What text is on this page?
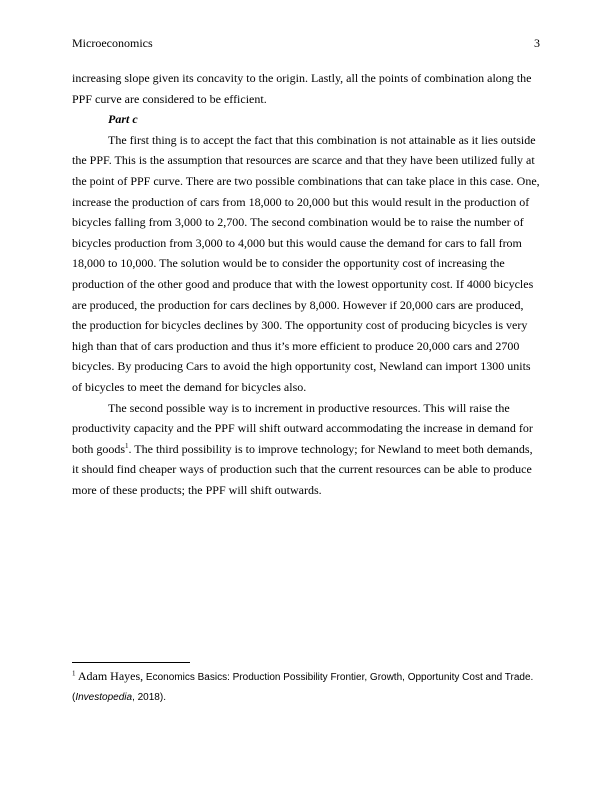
Microeconomics	3

increasing slope given its concavity to the origin. Lastly, all the points of combination along the PPF curve are considered to be efficient.

Part c

The first thing is to accept the fact that this combination is not attainable as it lies outside the PPF. This is the assumption that resources are scarce and that they have been utilized fully at the point of PPF curve. There are two possible combinations that can take place in this case. One, increase the production of cars from 18,000 to 20,000 but this would result in the production of bicycles falling from 3,000 to 2,700. The second combination would be to raise the number of bicycles production from 3,000 to 4,000 but this would cause the demand for cars to fall from 18,000 to 10,000. The solution would be to consider the opportunity cost of increasing the production of the other good and produce that with the lowest opportunity cost. If 4000 bicycles are produced, the production for cars declines by 8,000. However if 20,000 cars are produced, the production for bicycles declines by 300. The opportunity cost of producing bicycles is very high than that of cars production and thus it’s more efficient to produce 20,000 cars and 2700 bicycles. By producing Cars to avoid the high opportunity cost, Newland can import 1300 units of bicycles to meet the demand for bicycles also.

The second possible way is to increment in productive resources. This will raise the productivity capacity and the PPF will shift outward accommodating the increase in demand for both goods$^1$. The third possibility is to improve technology; for Newland to meet both demands, it should find cheaper ways of production such that the current resources can be able to produce more of these products; the PPF will shift outwards.

$^1$ Adam Hayes, Economics Basics: Production Possibility Frontier, Growth, Opportunity Cost and Trade.
(Investopedia, 2018).
